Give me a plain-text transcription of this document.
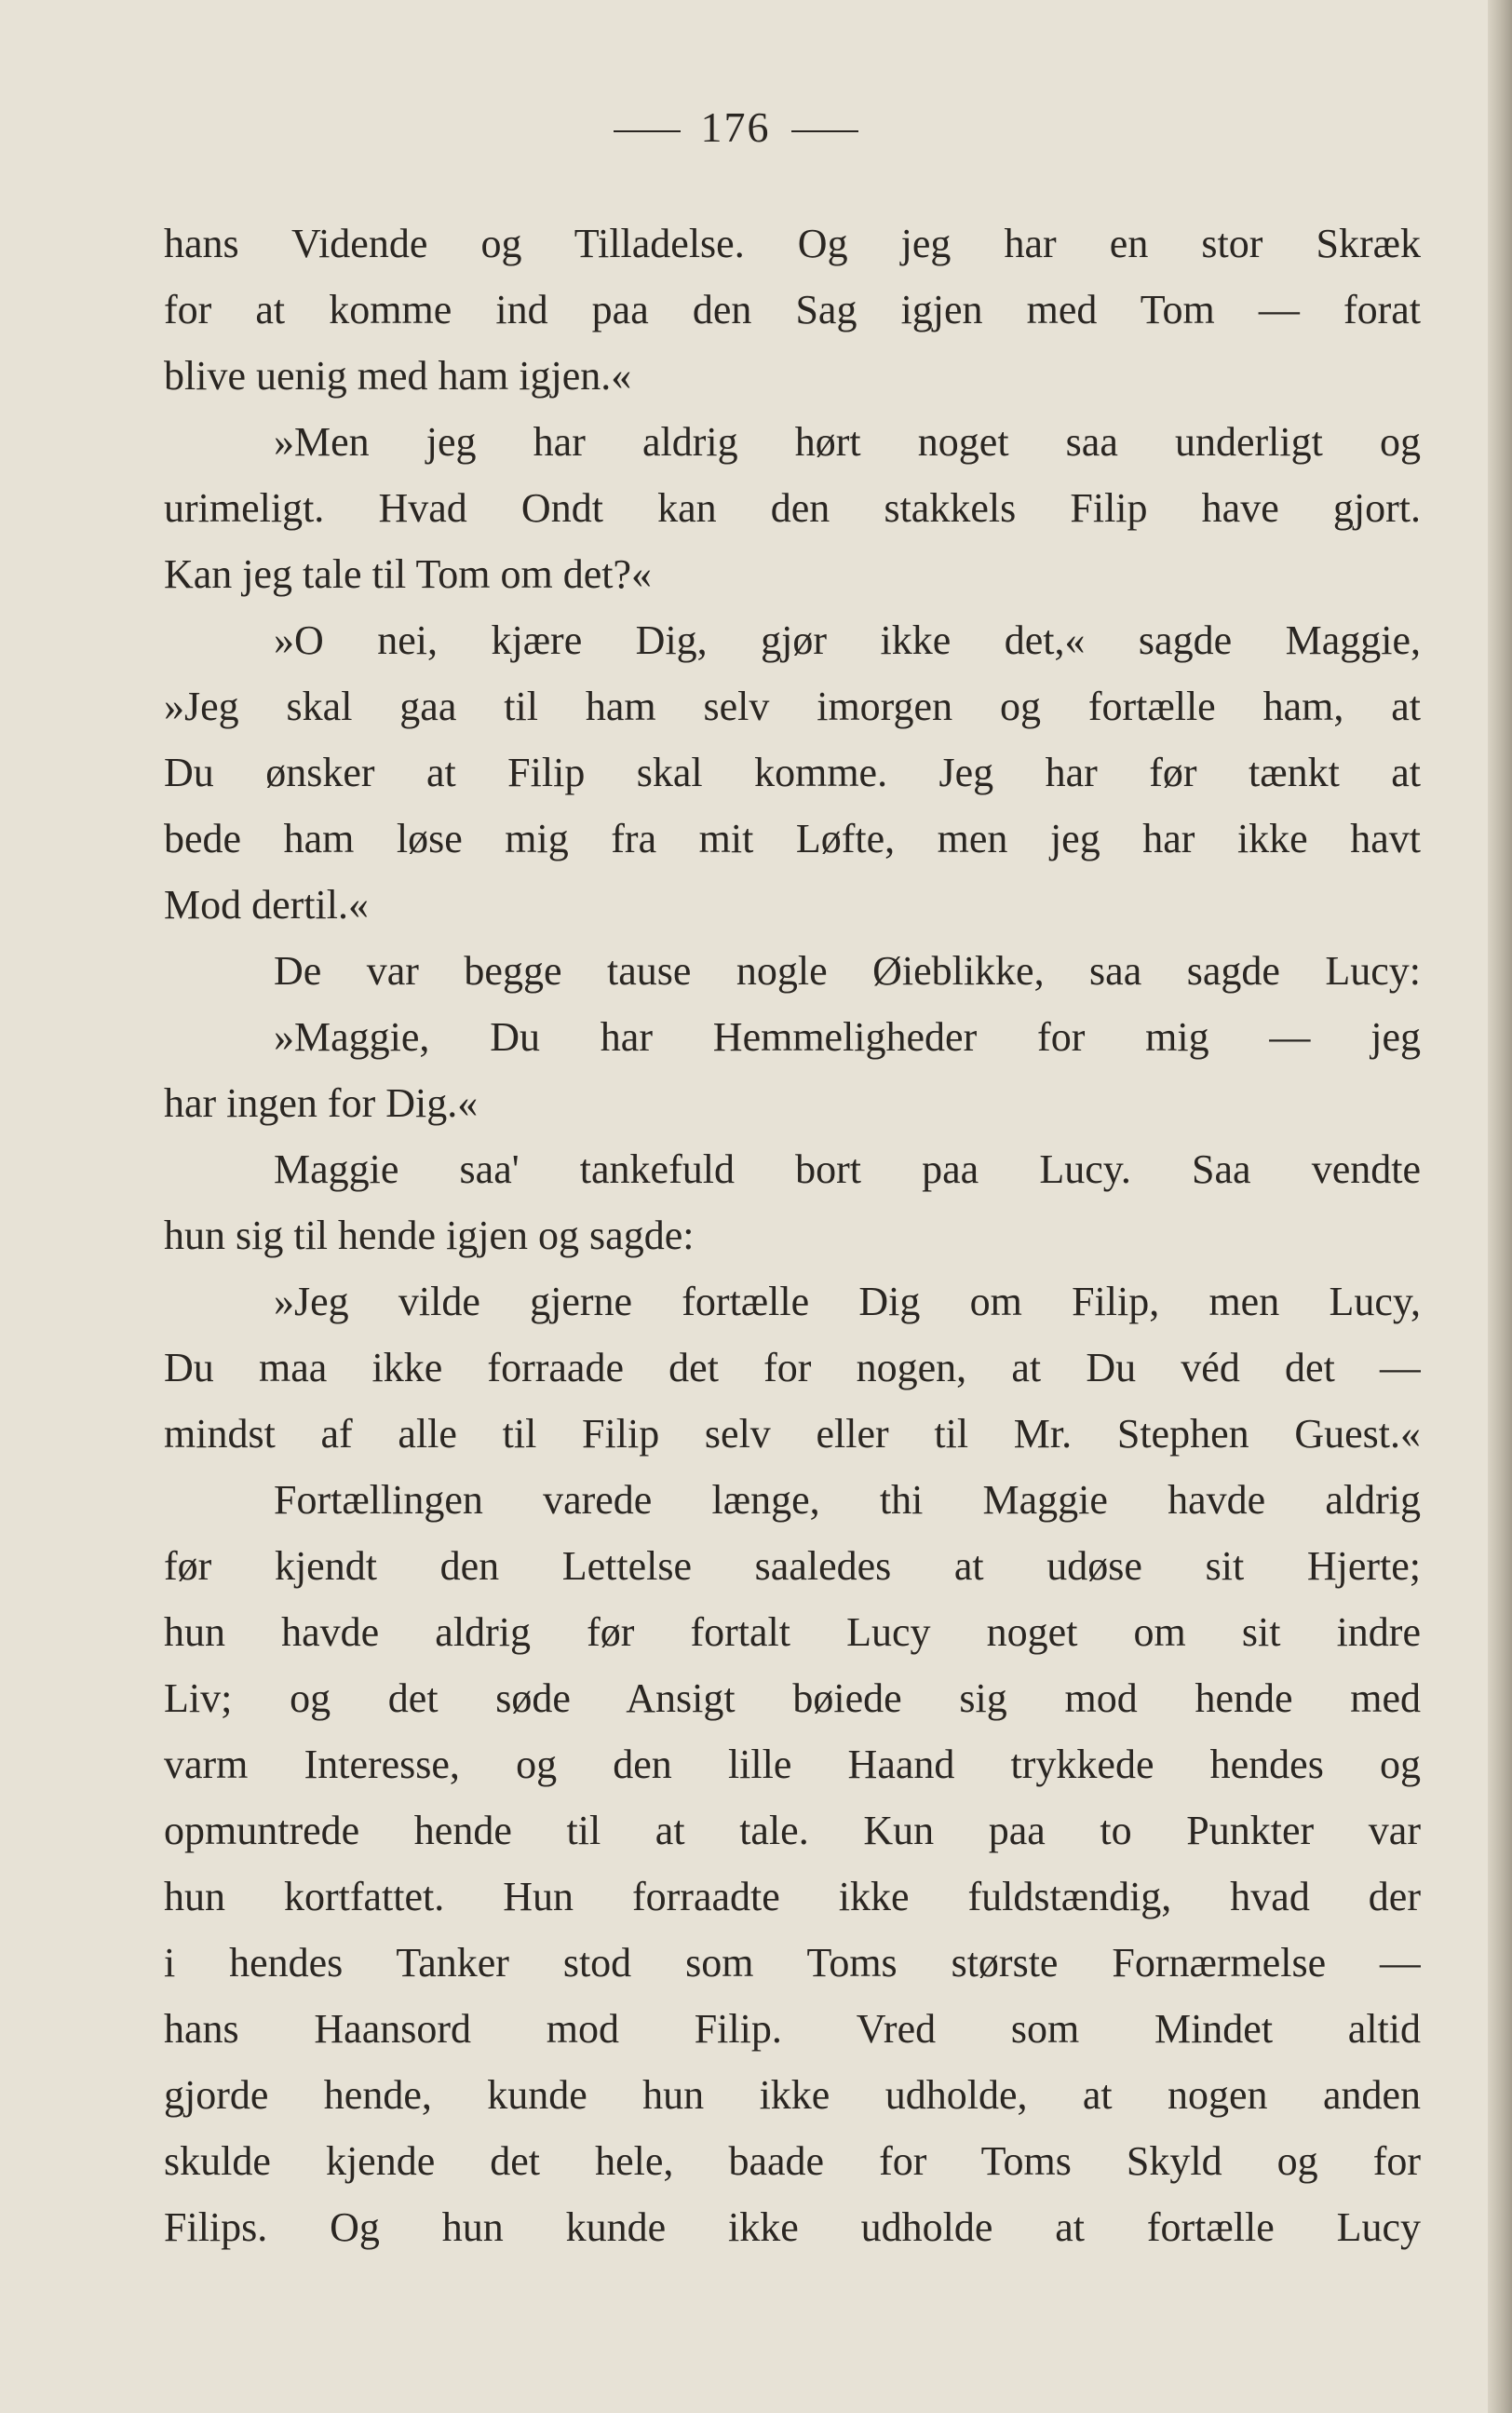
176
hans Vidende og Tilladelse. Og jeg har en stor Skræk
for at komme ind paa den Sag igjen med Tom — forat
blive uenig med ham igjen.«
»Men jeg har aldrig hørt noget saa underligt og
urimeligt. Hvad Ondt kan den stakkels Filip have gjort.
Kan jeg tale til Tom om det?«
»O nei, kjære Dig, gjør ikke det,« sagde Maggie,
»Jeg skal gaa til ham selv imorgen og fortælle ham, at
Du ønsker at Filip skal komme. Jeg har før tænkt at
bede ham løse mig fra mit Løfte, men jeg har ikke havt
Mod dertil.«
De var begge tause nogle Øieblikke, saa sagde Lucy:
»Maggie, Du har Hemmeligheder for mig — jeg
har ingen for Dig.«
Maggie saa' tankefuld bort paa Lucy. Saa vendte
hun sig til hende igjen og sagde:
»Jeg vilde gjerne fortælle Dig om Filip, men Lucy,
Du maa ikke forraade det for nogen, at Du véd det —
mindst af alle til Filip selv eller til Mr. Stephen Guest.«
Fortællingen varede længe, thi Maggie havde aldrig
før kjendt den Lettelse saaledes at udøse sit Hjerte;
hun havde aldrig før fortalt Lucy noget om sit indre
Liv; og det søde Ansigt bøiede sig mod hende med
varm Interesse, og den lille Haand trykkede hendes og
opmuntrede hende til at tale. Kun paa to Punkter var
hun kortfattet. Hun forraadte ikke fuldstændig, hvad der
i hendes Tanker stod som Toms største Fornærmelse —
hans Haansord mod Filip. Vred som Mindet altid
gjorde hende, kunde hun ikke udholde, at nogen anden
skulde kjende det hele, baade for Toms Skyld og for
Filips. Og hun kunde ikke udholde at fortælle Lucy
